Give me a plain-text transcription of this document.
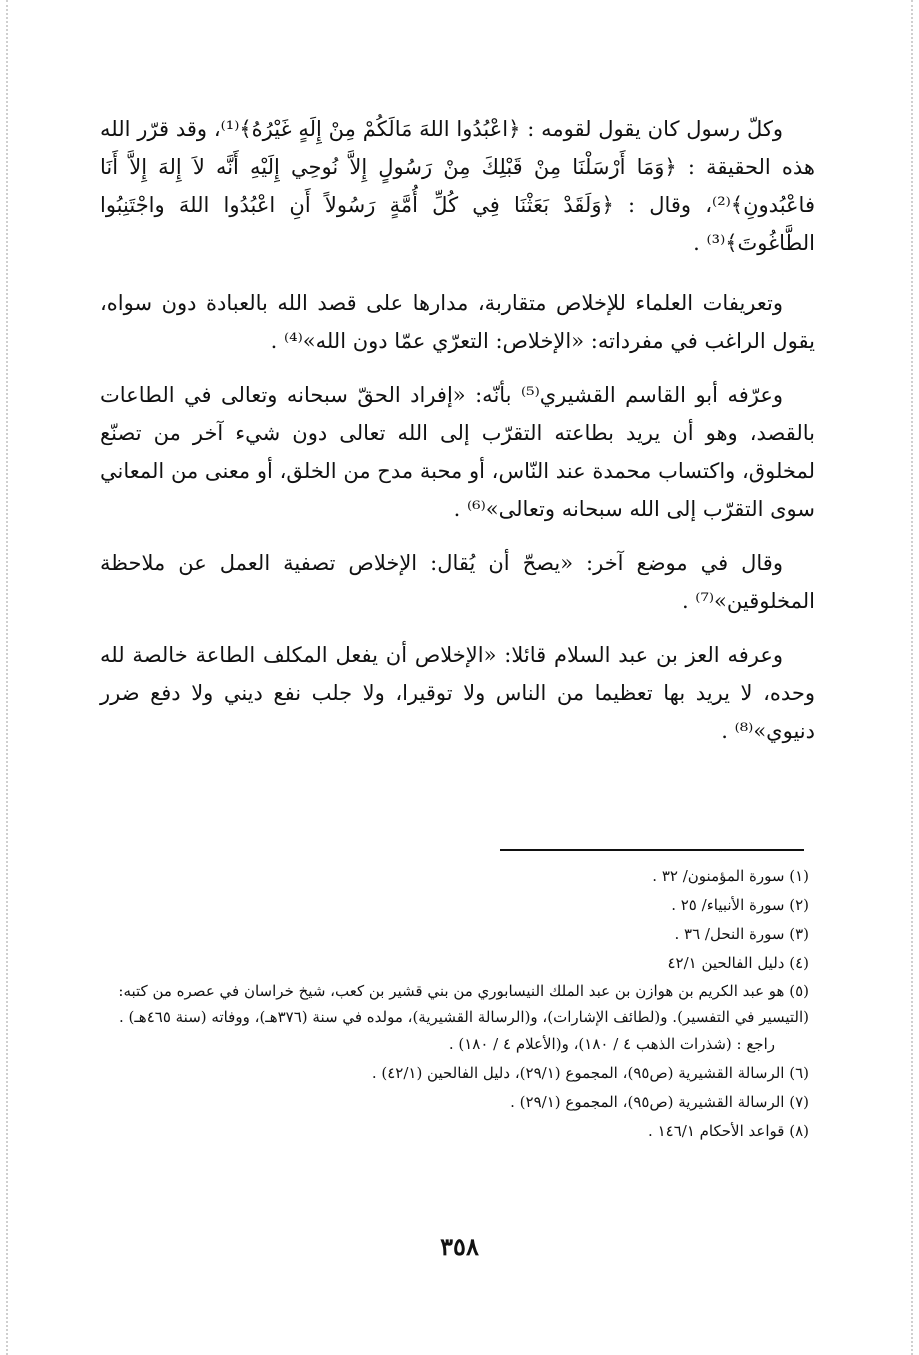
وكلّ رسول كان يقول لقومه : ﴿اعْبُدُوا اللهَ مَالَكُمْ مِنْ إِلَهٍ غَيْرُهُ﴾⁽¹⁾، وقد قرّر الله هذه الحقيقة : ﴿وَمَا أَرْسَلْنَا مِنْ قَبْلِكَ مِنْ رَسُولٍ إِلاَّ نُوحِي إِلَيْهِ أَنَّه لاَ إِلهَ إِلاَّ أَنَا فاعْبُدونِ﴾⁽²⁾، وقال : ﴿وَلَقَدْ بَعَثْنَا فِي كُلِّ أُمَّةٍ رَسُولاً أَنِ اعْبُدُوا اللهَ واجْتَنِبُوا الطَّاغُوتَ﴾⁽³⁾ .

وتعريفات العلماء للإخلاص متقاربة، مدارها على قصد الله بالعبادة دون سواه، يقول الراغب في مفرداته: «الإخلاص: التعرّي عمّا دون الله»⁽⁴⁾ .

وعرّفه أبو القاسم القشيري⁽⁵⁾ بأنّه: «إفراد الحقّ سبحانه وتعالى في الطاعات بالقصد، وهو أن يريد بطاعته التقرّب إلى الله تعالى دون شيء آخر من تصنّع لمخلوق، واكتساب محمدة عند النّاس، أو محبة مدح من الخلق، أو معنى من المعاني سوى التقرّب إلى الله سبحانه وتعالى»⁽⁶⁾ .

وقال في موضع آخر: «يصحّ أن يُقال: الإخلاص تصفية العمل عن ملاحظة المخلوقين»⁽⁷⁾ .

وعرفه العز بن عبد السلام قائلا: «الإخلاص أن يفعل المكلف الطاعة خالصة لله وحده، لا يريد بها تعظيما من الناس ولا توقيرا، ولا جلب نفع ديني ولا دفع ضرر دنيوي»⁽⁸⁾ .

(١) سورة المؤمنون/ ٣٢ .

(٢) سورة الأنبياء/ ٢٥ .

(٣) سورة النحل/ ٣٦ .

(٤) دليل الفالحين ٤٢/١

(٥) هو عبد الكريم بن هوازن بن عبد الملك النيسابوري من بني قشير بن كعب، شيخ خراسان في عصره من كتبه: (التيسير في التفسير). و(لطائف الإشارات)، و(الرسالة القشيرية)، مولده في سنة (٣٧٦هـ)، ووفاته (سنة ٤٦٥هـ) .

راجع : (شذرات الذهب ٤ / ١٨٠)، و(الأعلام ٤ / ١٨٠) .

(٦) الرسالة القشيرية (ص٩٥)، المجموع (٢٩/١)، دليل الفالحين (٤٢/١) .

(٧) الرسالة القشيرية (ص٩٥)، المجموع (٢٩/١) .

(٨) قواعد الأحكام ١٤٦/١ .

٣٥٨
